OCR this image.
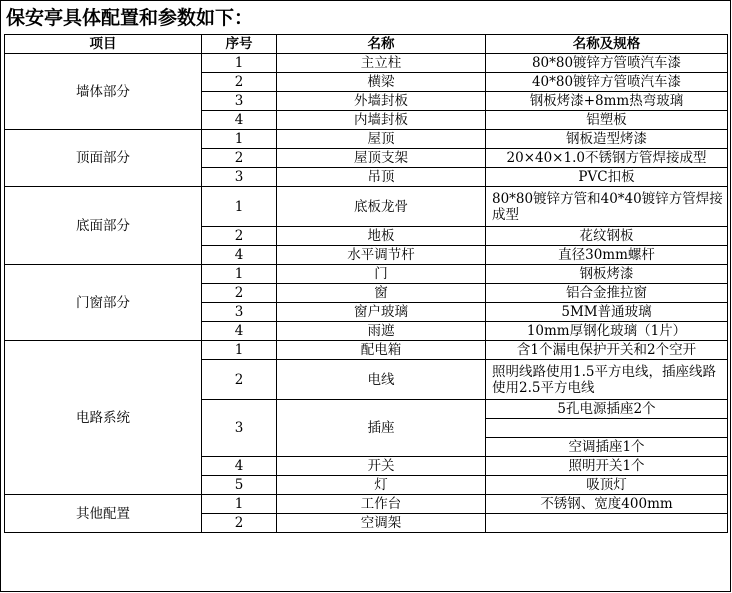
保安亭具体配置和参数如下：
项目	序号	名称	名称及规格
墙体部分	1	主立柱	80*80镀锌方管喷汽车漆
	2	横梁	40*80镀锌方管喷汽车漆
	3	外墙封板	钢板烤漆+8mm热弯玻璃
	4	内墙封板	铝塑板
顶面部分	1	屋顶	钢板造型烤漆
	2	屋顶支架	20×40×1.0不锈钢方管焊接成型
	3	吊顶	PVC扣板
底面部分	1	底板龙骨	80*80镀锌方管和40*40镀锌方管焊接成型
	2	地板	花纹钢板
	4	水平调节杆	直径30mm螺杆
门窗部分	1	门	钢板烤漆
	2	窗	铝合金推拉窗
	3	窗户玻璃	5MM普通玻璃
	4	雨遮	10mm厚钢化玻璃（1片）
电路系统	1	配电箱	含1个漏电保护开关和2个空开
	2	电线	照明线路使用1.5平方电线，插座线路使用2.5平方电线
	3	插座	5孔电源插座2个

			空调插座1个
	4	开关	照明开关1个
	5	灯	吸顶灯
其他配置	1	工作台	不锈钢、宽度400mm
	2	空调架	
